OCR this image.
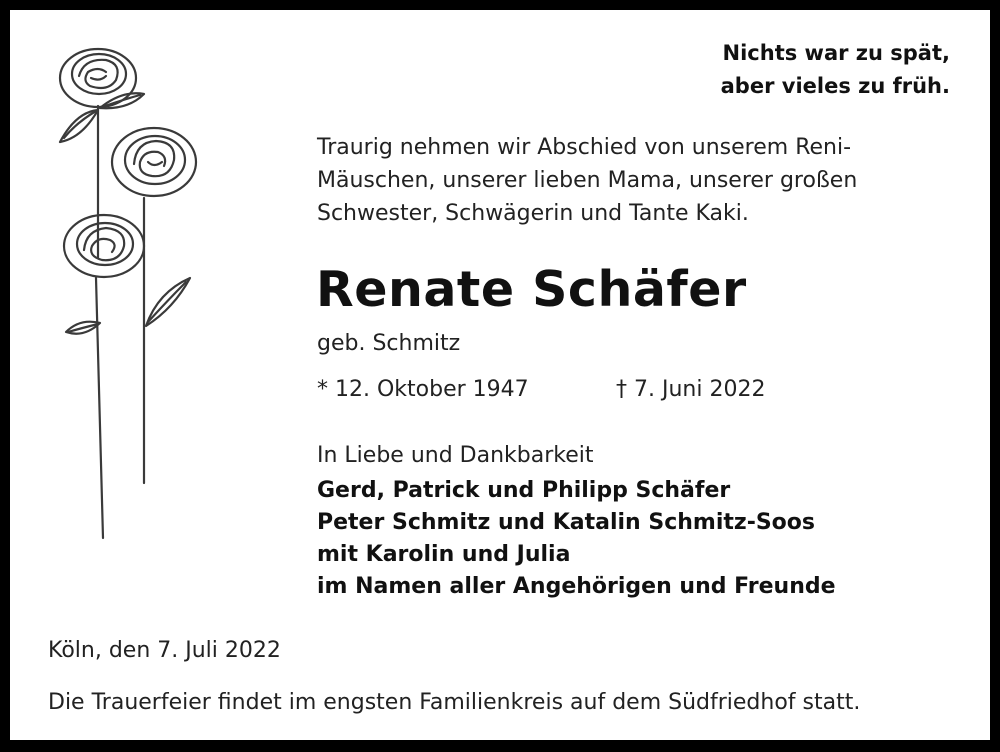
Nichts war zu spät,
aber vieles zu früh.

Traurig nehmen wir Abschied von unserem Reni-
Mäuschen, unserer lieben Mama, unserer großen
Schwester, Schwägerin und Tante Kaki.

Renate Schäfer
geb. Schmitz
* 12. Oktober 1947	† 7. Juni 2022
In Liebe und Dankbarkeit

Gerd, Patrick und Philipp Schäfer
Peter Schmitz und Katalin Schmitz-Soos
mit Karolin und Julia
im Namen aller Angehörigen und Freunde

Köln, den 7. Juli 2022
Die Trauerfeier findet im engsten Familienkreis auf dem Südfriedhof statt.
